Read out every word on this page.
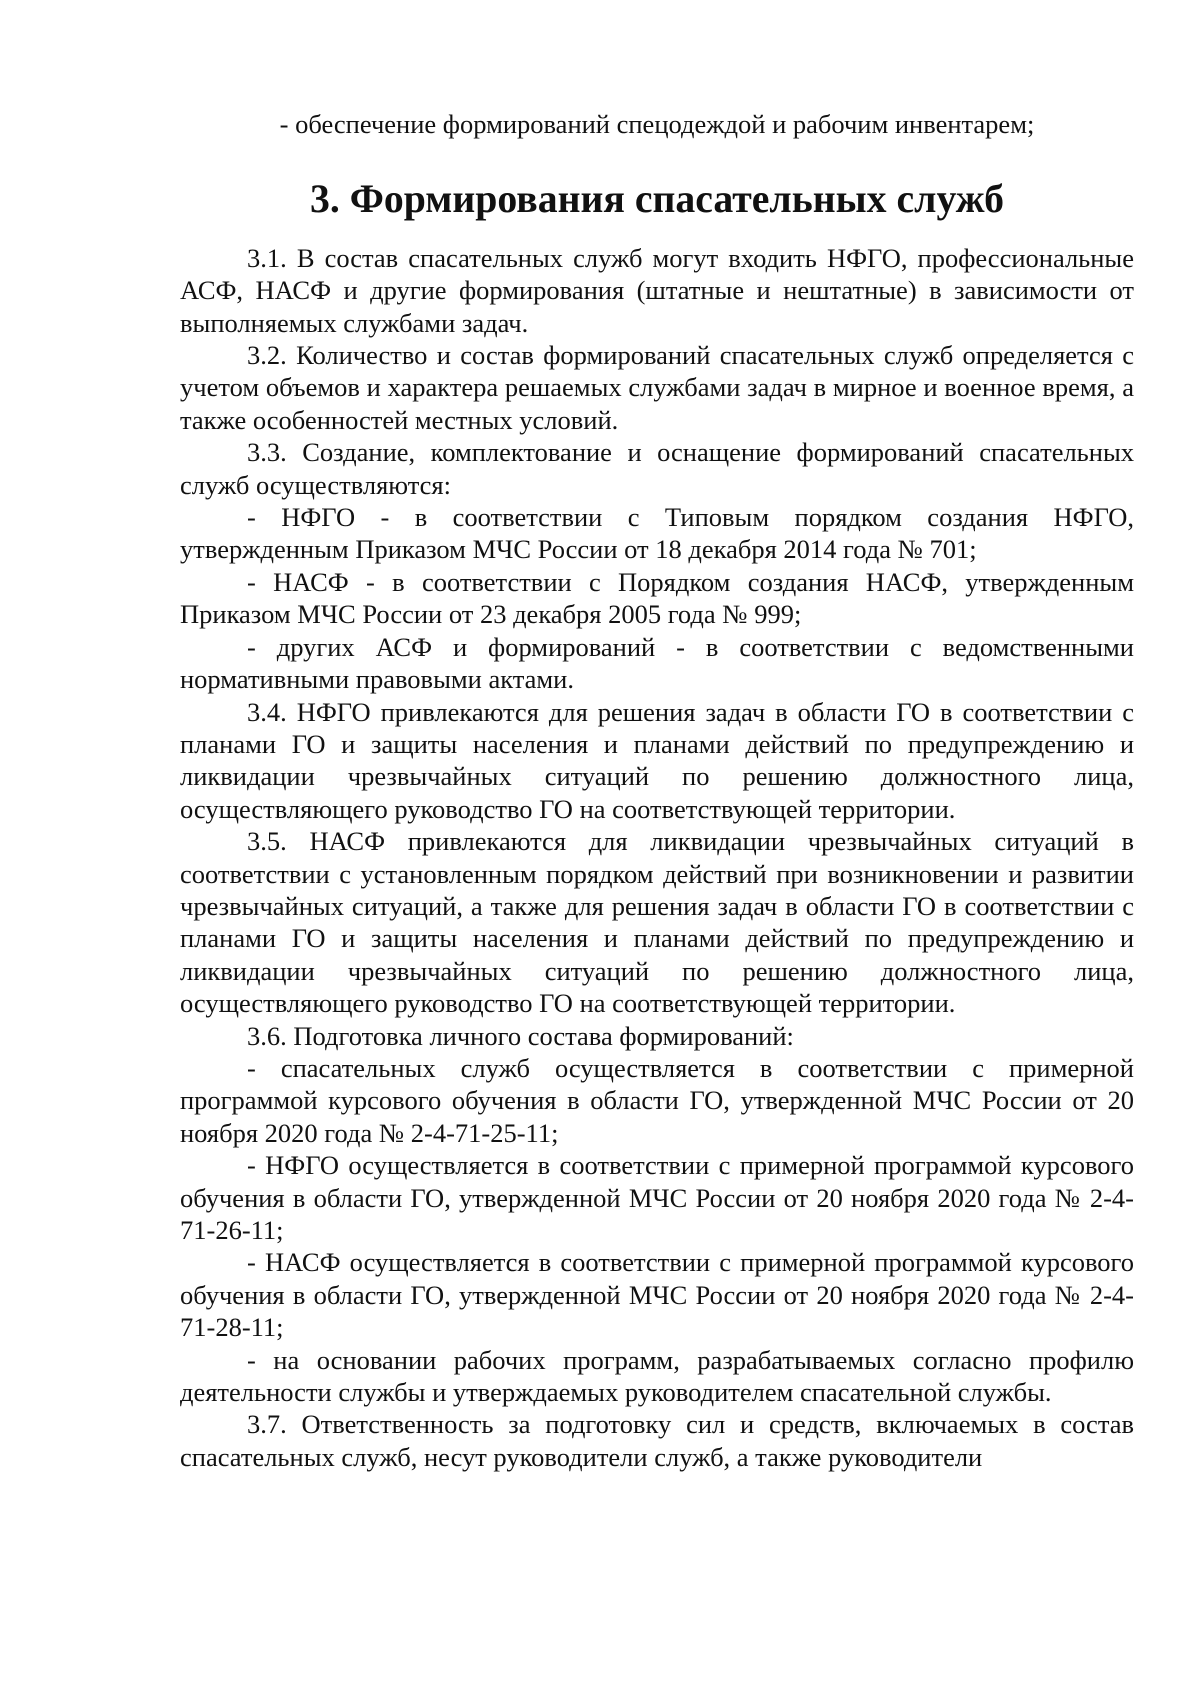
- обеспечение формирований спецодеждой и рабочим инвентарем;

3. Формирования спасательных служб

3.1. В состав спасательных служб могут входить НФГО, профессиональные АСФ, НАСФ и другие формирования (штатные и нештатные) в зависимости от выполняемых службами задач.

3.2. Количество и состав формирований спасательных служб определяется с учетом объемов и характера решаемых службами задач в мирное и военное время, а также особенностей местных условий.

3.3. Создание, комплектование и оснащение формирований спасательных служб осуществляются:

- НФГО - в соответствии с Типовым порядком создания НФГО, утвержденным Приказом МЧС России от 18 декабря 2014 года № 701;
- НАСФ - в соответствии с Порядком создания НАСФ, утвержденным Приказом МЧС России от 23 декабря 2005 года № 999;
- других АСФ и формирований - в соответствии с ведомственными нормативными правовыми актами.

3.4. НФГО привлекаются для решения задач в области ГО в соответствии с планами ГО и защиты населения и планами действий по предупреждению и ликвидации чрезвычайных ситуаций по решению должностного лица, осуществляющего руководство ГО на соответствующей территории.

3.5. НАСФ привлекаются для ликвидации чрезвычайных ситуаций в соответствии с установленным порядком действий при возникновении и развитии чрезвычайных ситуаций, а также для решения задач в области ГО в соответствии с планами ГО и защиты населения и планами действий по предупреждению и ликвидации чрезвычайных ситуаций по решению должностного лица, осуществляющего руководство ГО на соответствующей территории.

3.6. Подготовка личного состава формирований:

- спасательных служб осуществляется в соответствии с примерной программой курсового обучения в области ГО, утвержденной МЧС России от 20 ноября 2020 года № 2-4-71-25-11;
- НФГО осуществляется в соответствии с примерной программой курсового обучения в области ГО, утвержденной МЧС России от 20 ноября 2020 года № 2-4-71-26-11;
- НАСФ осуществляется в соответствии с примерной программой курсового обучения в области ГО, утвержденной МЧС России от 20 ноября 2020 года № 2-4-71-28-11;
- на основании рабочих программ, разрабатываемых согласно профилю деятельности службы и утверждаемых руководителем спасательной службы.

3.7. Ответственность за подготовку сил и средств, включаемых в состав спасательных служб, несут руководители служб, а также руководители
